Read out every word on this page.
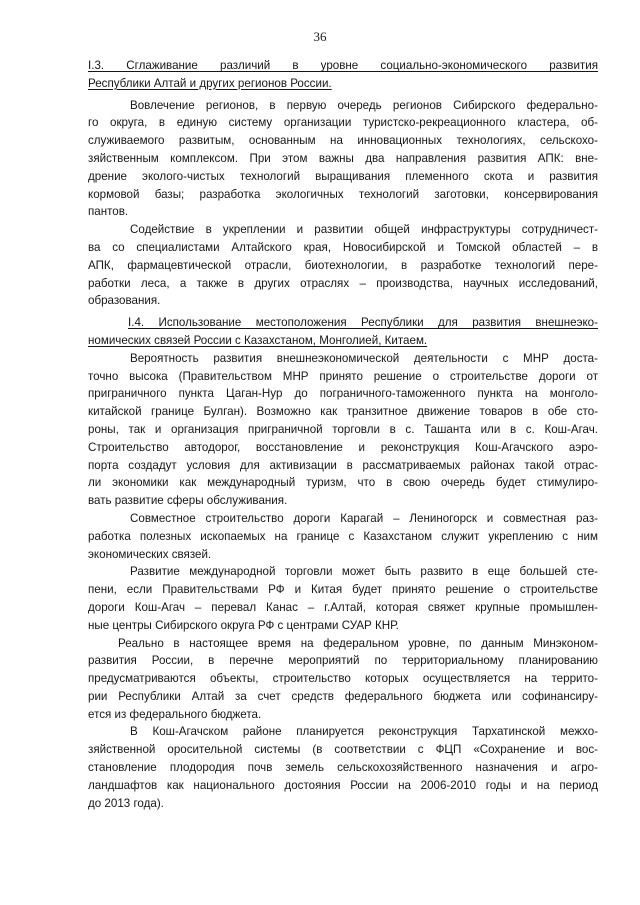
36
I.3. Сглаживание различий в уровне социально-экономического развития
Республики Алтай и других регионов России.
Вовлечение регионов, в первую очередь регионов Сибирского федерально-
го округа, в единую систему организации туристско-рекреационного кластера, об-
служиваемого развитым, основанным на инновационных технологиях, сельскохо-
зяйственным комплексом. При этом важны два направления развития АПК: вне-
дрение эколого-чистых технологий выращивания племенного скота и развития
кормовой базы; разработка экологичных технологий заготовки, консервирования
пантов.
Содействие в укреплении и развитии общей инфраструктуры сотрудничест-
ва со специалистами Алтайского края, Новосибирской и Томской областей – в
АПК, фармацевтической отрасли, биотехнологии, в разработке технологий пере-
работки леса, а также в других отраслях – производства, научных исследований,
образования.
I.4. Использование местоположения Республики для развития внешнеэко-
номических связей России с Казахстаном, Монголией, Китаем.
Вероятность развития внешнеэкономической деятельности с МНР доста-
точно высока (Правительством МНР принято решение о строительстве дороги от
приграничного пункта Цаган-Нур до пограничного-таможенного пункта на монголо-
китайской границе Булган). Возможно как транзитное движение товаров в обе сто-
роны, так и организация приграничной торговли в с. Ташанта или в с. Кош-Агач.
Строительство автодорог, восстановление и реконструкция Кош-Агачского аэро-
порта создадут условия для активизации в рассматриваемых районах такой отрас-
ли экономики как международный туризм, что в свою очередь будет стимулиро-
вать развитие сферы обслуживания.
Совместное строительство дороги Карагай – Лениногорск и совместная раз-
работка полезных ископаемых на границе с Казахстаном служит укреплению с ним
экономических связей.
Развитие международной торговли может быть развито в еще большей сте-
пени, если Правительствами РФ и Китая будет принято решение о строительстве
дороги Кош-Агач – перевал Канас – г.Алтай, которая свяжет крупные промышлен-
ные центры Сибирского округа РФ с центрами СУАР КНР.
Реально в настоящее время на федеральном уровне, по данным Минэконом-
развития России, в перечне мероприятий по территориальному планированию
предусматриваются объекты, строительство которых осуществляется на террито-
рии Республики Алтай за счет средств федерального бюджета или софинансиру-
ется из федерального бюджета.
В Кош-Агачском районе планируется реконструкция Тархатинской межхо-
зяйственной оросительной системы (в соответствии с ФЦП «Сохранение и вос-
становление плодородия почв земель сельскохозяйственного назначения и агро-
ландшафтов как национального достояния России на 2006-2010 годы и на период
до 2013 года).
